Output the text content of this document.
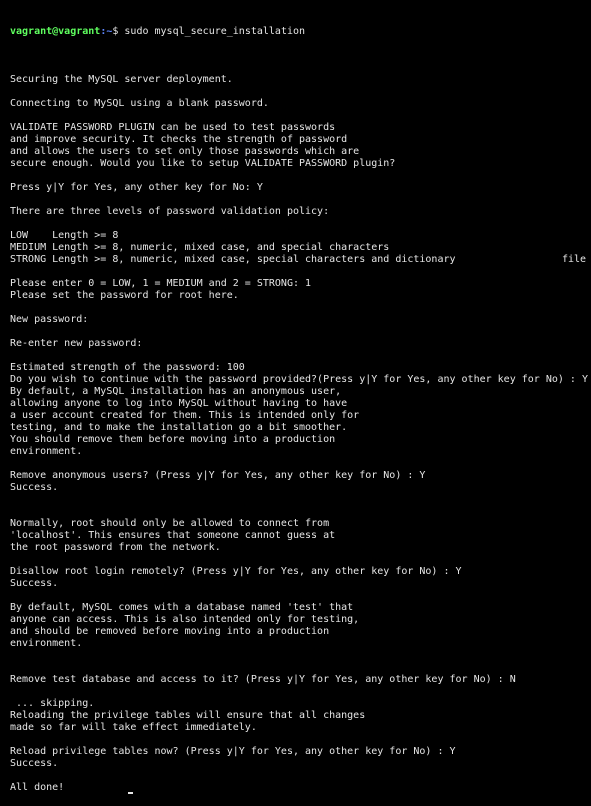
vagrant@vagrant:~$ sudo mysql_secure_installation

Securing the MySQL server deployment.
Connecting to MySQL using a blank password.
VALIDATE PASSWORD PLUGIN can be used to test passwords
and improve security. It checks the strength of password
and allows the users to set only those passwords which are
secure enough. Would you like to setup VALIDATE PASSWORD plugin?
Press y|Y for Yes, any other key for No: Y
There are three levels of password validation policy:
LOW    Length >= 8
MEDIUM Length >= 8, numeric, mixed case, and special characters
STRONG Length >= 8, numeric, mixed case, special characters and dictionary	file
Please enter 0 = LOW, 1 = MEDIUM and 2 = STRONG: 1
Please set the password for root here.
New password:
Re-enter new password:
Estimated strength of the password: 100
Do you wish to continue with the password provided?(Press y|Y for Yes, any other key for No) : Y
By default, a MySQL installation has an anonymous user,
allowing anyone to log into MySQL without having to have
a user account created for them. This is intended only for
testing, and to make the installation go a bit smoother.
You should remove them before moving into a production
environment.
Remove anonymous users? (Press y|Y for Yes, any other key for No) : Y
Success.
Normally, root should only be allowed to connect from
'localhost'. This ensures that someone cannot guess at
the root password from the network.
Disallow root login remotely? (Press y|Y for Yes, any other key for No) : Y
Success.
By default, MySQL comes with a database named 'test' that
anyone can access. This is also intended only for testing,
and should be removed before moving into a production
environment.
Remove test database and access to it? (Press y|Y for Yes, any other key for No) : N
... skipping.
Reloading the privilege tables will ensure that all changes
made so far will take effect immediately.
Reload privilege tables now? (Press y|Y for Yes, any other key for No) : Y
Success.
All done!
